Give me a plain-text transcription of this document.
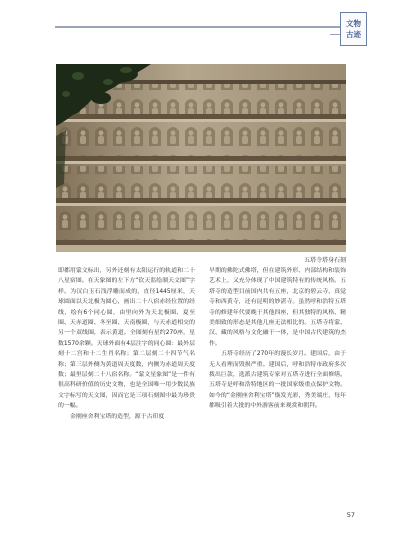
文物
古迹
五塔寺塔身石刻

即都用蒙文标出，另外还刻有太阳运行的轨道和二十八星宿图。在天象图的左下方“钦天监绘制天文图”字样。为汉白玉石浅浮雕而成的，直径1445厘米，天球圆面以天北极为圆心，画出二十八宿赤经位置的经线，绘有6个同心圆，由里向外为天北极圈、夏至圈、天赤道圈、冬至圈、天南极圈，与天赤道相交的另一个双线圈，表示黄道。全图刻有星约270座，星数1570余颗。天球外面有4层注字的同心圆：最外层刻十二宫和十二生肖名称；第二层刻二十四节气名称；第三层外侧为黄道周天度数，内侧为赤道周天度数；最里层刻二十八宿名称。“蒙文星象图”是一件有很高科研价值的历史文物，也是全国唯一用少数民族文字标写的天文图，因而它是三项石刻图中最为珍贵的一幅。

金刚座舍利宝塔的造型，源于古印度

早期的佛陀式佛塔，但在建筑外形、内部结构和装饰艺术上，又充分体现了中国建筑特有的传统风格。五塔寺的造型目前国内共有五座，北京的碧云寺、真觉寺和西黄寺，还有昆明的妙湛寺。虽然呼和浩特五塔寺的修建年代要晚于其他四座，但其独特的风格、精美细致的形态是其他几座无法相比的。五塔寺将蒙、汉、藏的风格与文化融于一体，是中国古代建筑的杰作。

五塔寺经历了270年的漫长岁月。建国后，由于无人看理而毁损严重。建国后，呼和浩特市政府多次拨出巨款，选派古建筑专家对五塔寺进行全面修缮。五塔寺是呼和浩特地区的一批国家级重点保护文物。如今的“金刚座舍利宝塔”焕发光彩，秀美端庄，每年都吸引着大批的中外游客前来观赏和朝拜。

57
